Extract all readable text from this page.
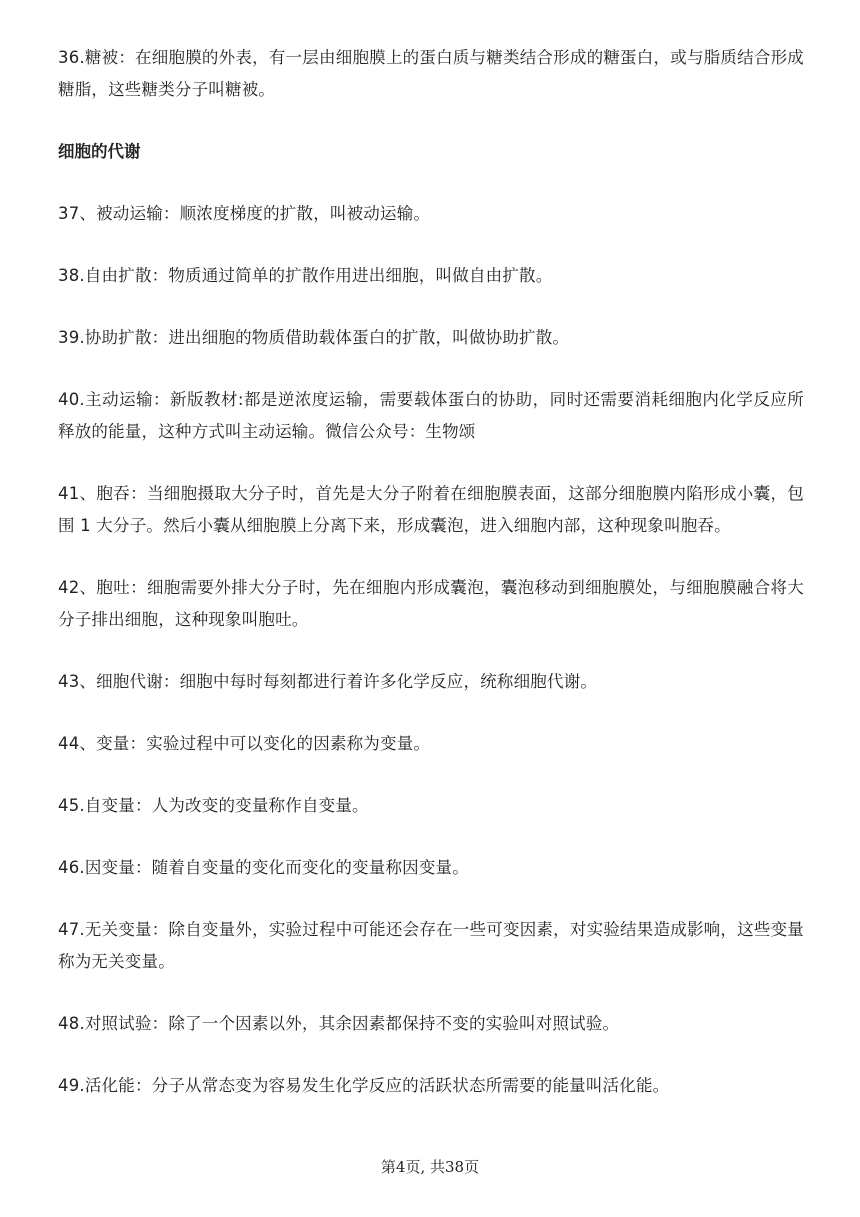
36.糖被：在细胞膜的外表，有一层由细胞膜上的蛋白质与糖类结合形成的糖蛋白，或与脂质结合形成糖脂，这些糖类分子叫糖被。

细胞的代谢

37、被动运输：顺浓度梯度的扩散，叫被动运输。

38.自由扩散：物质通过简单的扩散作用进出细胞，叫做自由扩散。

39.协助扩散：进出细胞的物质借助载体蛋白的扩散，叫做协助扩散。

40.主动运输：新版教材:都是逆浓度运输，需要载体蛋白的协助，同时还需要消耗细胞内化学反应所释放的能量，这种方式叫主动运输。微信公众号：生物颂

41、胞吞：当细胞摄取大分子时，首先是大分子附着在细胞膜表面，这部分细胞膜内陷形成小囊，包围 1 大分子。然后小囊从细胞膜上分离下来，形成囊泡，进入细胞内部，这种现象叫胞吞。

42、胞吐：细胞需要外排大分子时，先在细胞内形成囊泡，囊泡移动到细胞膜处，与细胞膜融合将大分子排出细胞，这种现象叫胞吐。

43、细胞代谢：细胞中每时每刻都进行着许多化学反应，统称细胞代谢。

44、变量：实验过程中可以变化的因素称为变量。

45.自变量：人为改变的变量称作自变量。

46.因变量：随着自变量的变化而变化的变量称因变量。

47.无关变量：除自变量外，实验过程中可能还会存在一些可变因素，对实验结果造成影响，这些变量称为无关变量。

48.对照试验：除了一个因素以外，其余因素都保持不变的实验叫对照试验。

49.活化能：分子从常态变为容易发生化学反应的活跃状态所需要的能量叫活化能。

第4页, 共38页
